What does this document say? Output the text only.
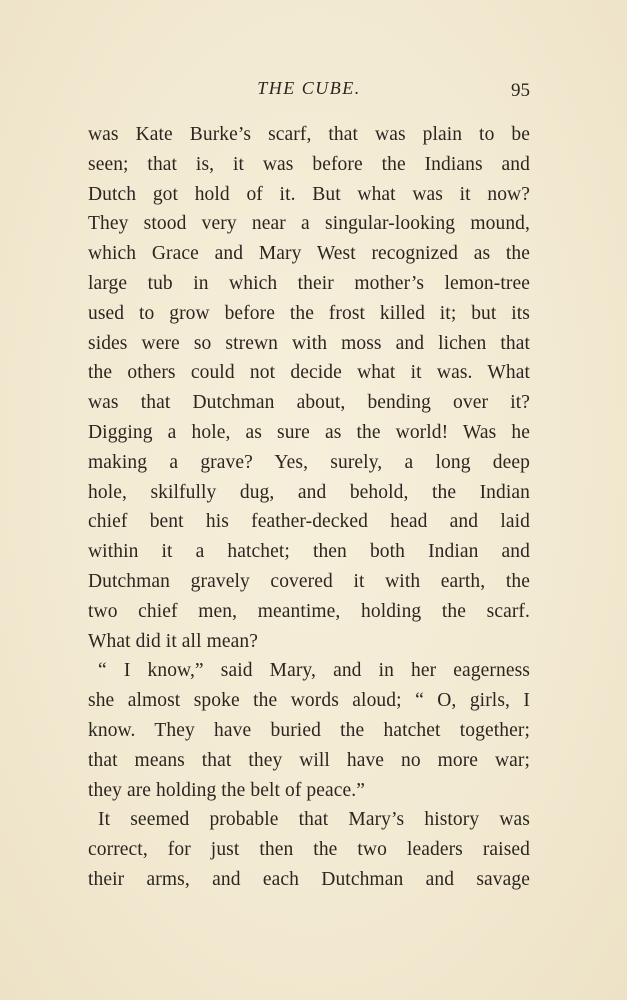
THE CUBE.	95
was Kate Burke’s scarf, that was plain to be
seen; that is, it was before the Indians and
Dutch got hold of it. But what was it now?
They stood very near a singular-looking mound,
which Grace and Mary West recognized as the
large tub in which their mother’s lemon-tree
used to grow before the frost killed it; but its
sides were so strewn with moss and lichen that
the others could not decide what it was. What
was that Dutchman about, bending over it?
Digging a hole, as sure as the world! Was he
making a grave? Yes, surely, a long deep
hole, skilfully dug, and behold, the Indian
chief bent his feather-decked head and laid
within it a hatchet; then both Indian and
Dutchman gravely covered it with earth, the
two chief men, meantime, holding the scarf.
What did it all mean?
“ I know,” said Mary, and in her eagerness
she almost spoke the words aloud; “ O, girls, I
know. They have buried the hatchet together;
that means that they will have no more war;
they are holding the belt of peace.”
It seemed probable that Mary’s history was
correct, for just then the two leaders raised
their arms, and each Dutchman and savage
